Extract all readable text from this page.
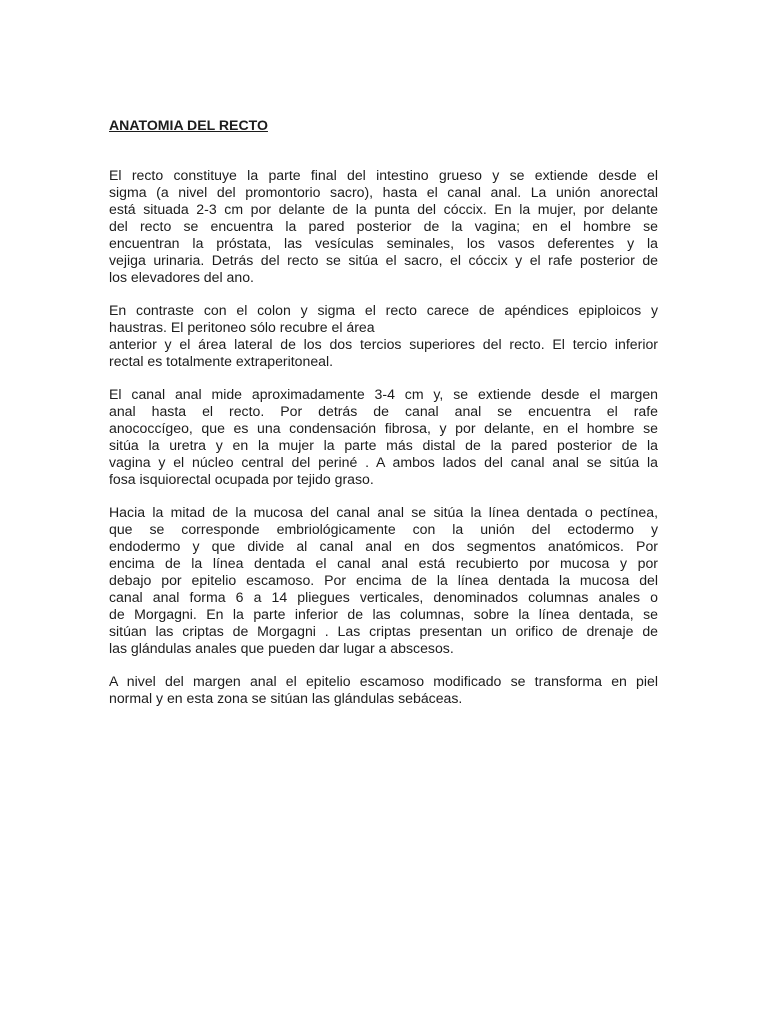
ANATOMIA DEL RECTO
El recto constituye la parte final del intestino grueso y se extiende desde el
sigma (a nivel del promontorio sacro), hasta el canal anal. La unión anorectal
está situada 2-3 cm por delante de la punta del cóccix. En la mujer, por delante
del recto se encuentra la pared posterior de la vagina; en el hombre se
encuentran la próstata, las vesículas seminales, los vasos deferentes y la
vejiga urinaria. Detrás del recto se sitúa el sacro, el cóccix y el rafe posterior de
los elevadores del ano.
En contraste con el colon y sigma el recto carece de apéndices epiploicos y
haustras. El peritoneo sólo recubre el área
anterior y el área lateral de los dos tercios superiores del recto. El tercio inferior
rectal es totalmente extraperitoneal.
El canal anal mide aproximadamente 3-4 cm y, se extiende desde el margen
anal hasta el recto. Por detrás de canal anal se encuentra el rafe
anococcígeo, que es una condensación fibrosa, y por delante, en el hombre se
sitúa la uretra y en la mujer la parte más distal de la pared posterior de la
vagina y el núcleo central del periné . A ambos lados del canal anal se sitúa la
fosa isquiorectal ocupada por tejido graso.
Hacia la mitad de la mucosa del canal anal se sitúa la línea dentada o pectínea,
que se corresponde embriológicamente con la unión del ectodermo y
endodermo y que divide al canal anal en dos segmentos anatómicos. Por
encima de la línea dentada el canal anal está recubierto por mucosa y por
debajo por epitelio escamoso. Por encima de la línea dentada la mucosa del
canal anal forma 6 a 14 pliegues verticales, denominados columnas anales o
de Morgagni. En la parte inferior de las columnas, sobre la línea dentada, se
sitúan las criptas de Morgagni . Las criptas presentan un orifico de drenaje de
las glándulas anales que pueden dar lugar a abscesos.
A nivel del margen anal el epitelio escamoso modificado se transforma en piel
normal y en esta zona se sitúan las glándulas sebáceas.
